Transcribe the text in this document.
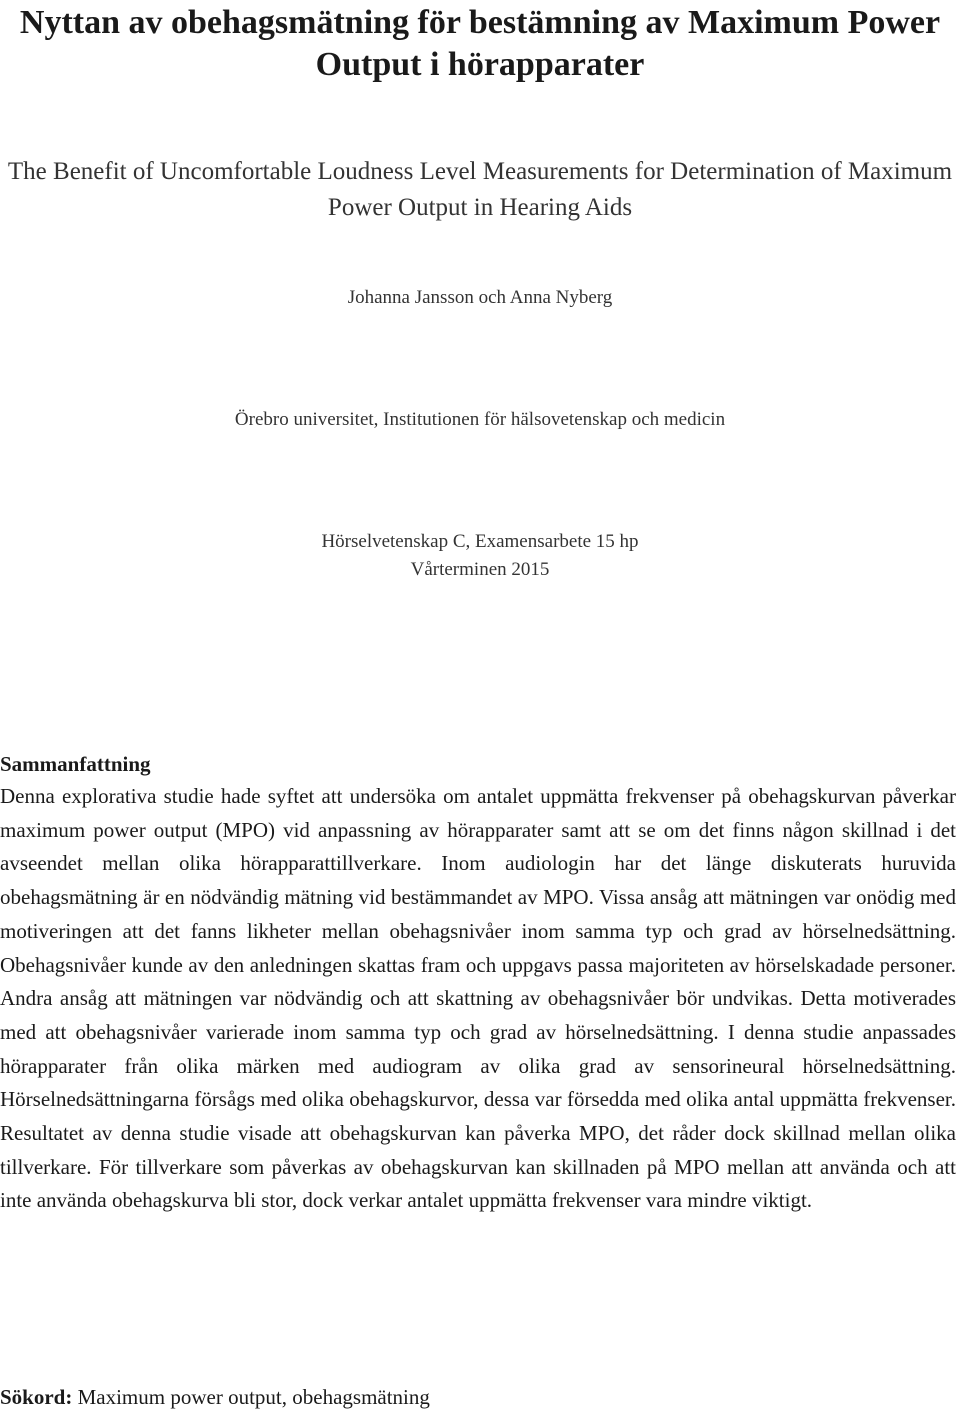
Nyttan av obehagsmätning för bestämning av Maximum Power Output i hörapparater

The Benefit of Uncomfortable Loudness Level Measurements for Determination of Maximum Power Output in Hearing Aids

Johanna Jansson och Anna Nyberg

Örebro universitet, Institutionen för hälsovetenskap och medicin

Hörselvetenskap C, Examensarbete 15 hp
Vårterminen 2015
Sammanfattning

Denna explorativa studie hade syftet att undersöka om antalet uppmätta frekvenser på obehagskurvan påverkar maximum power output (MPO) vid anpassning av hörapparater samt att se om det finns någon skillnad i det avseendet mellan olika hörapparattillverkare. Inom audiologin har det länge diskuterats huruvida obehagsmätning är en nödvändig mätning vid bestämmandet av MPO. Vissa ansåg att mätningen var onödig med motiveringen att det fanns likheter mellan obehagsnivåer inom samma typ och grad av hörselnedsättning. Obehagsnivåer kunde av den anledningen skattas fram och uppgavs passa majoriteten av hörselskadade personer. Andra ansåg att mätningen var nödvändig och att skattning av obehagsnivåer bör undvikas. Detta motiverades med att obehagsnivåer varierade inom samma typ och grad av hörselnedsättning. I denna studie anpassades hörapparater från olika märken med audiogram av olika grad av sensorineural hörselnedsättning. Hörselnedsättningarna försågs med olika obehagskurvor, dessa var försedda med olika antal uppmätta frekvenser. Resultatet av denna studie visade att obehagskurvan kan påverka MPO, det råder dock skillnad mellan olika tillverkare. För tillverkare som påverkas av obehagskurvan kan skillnaden på MPO mellan att använda och att inte använda obehagskurva bli stor, dock verkar antalet uppmätta frekvenser vara mindre viktigt.

Sökord: Maximum power output, obehagsmätning
